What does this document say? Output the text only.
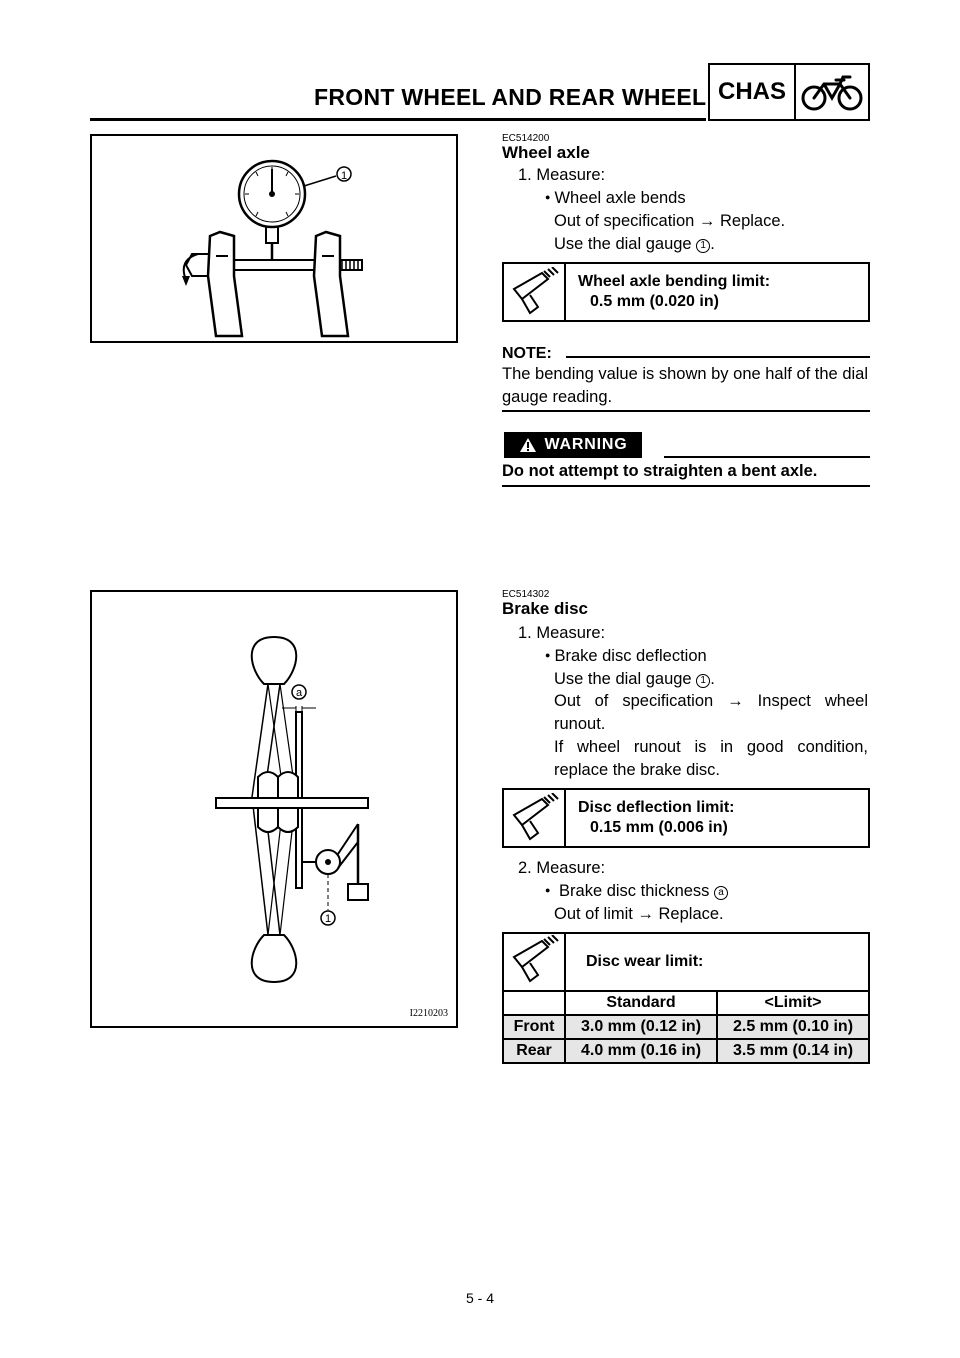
FRONT WHEEL AND REAR WHEEL CHAS
1
EC514200
Wheel axle
1. Measure:
● Wheel axle bends
Out of specification → Replace.
Use the dial gauge 1 .
Wheel axle bending limit:
0.5 mm (0.020 in)
NOTE:
The bending value is shown by one half of the dial gauge reading.
WARNING
Do not attempt to straighten a bent axle.
a
1
I2210203
EC514302
Brake disc
1. Measure:
● Brake disc deflection
Use the dial gauge 1 .
Out of specification → Inspect wheel runout.
If wheel runout is in good condition, replace the brake disc.
Disc deflection limit:
0.15 mm (0.006 in)
2. Measure:
● Brake disc thickness a
Out of limit → Replace.
	Disc wear limit:	
	Standard	<Limit>
Front	3.0 mm (0.12 in)	2.5 mm (0.10 in)
Rear	4.0 mm (0.16 in)	3.5 mm (0.14 in)
5 - 4
